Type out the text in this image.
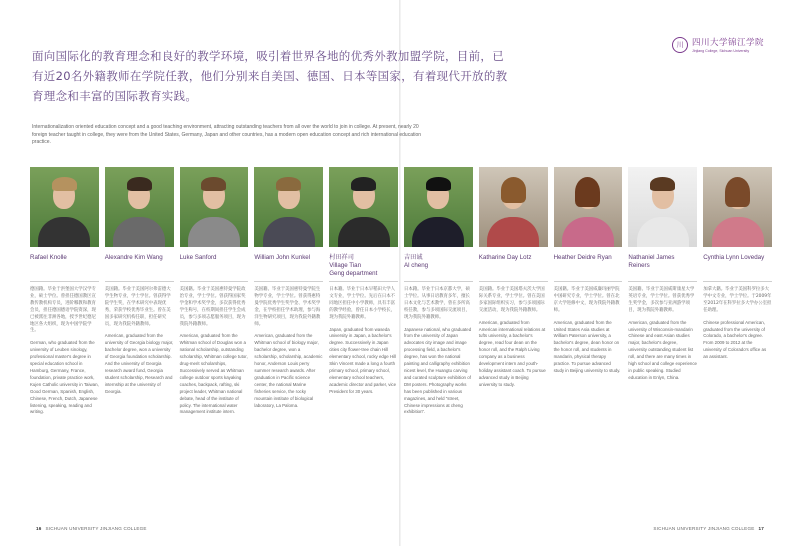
面向国际化的教育理念和良好的教学环境，吸引着世界各地的优秀外教加盟学院，目前，已有近20名外籍教师在学院任教，他们分别来自美国、德国、日本等国家，有着现代开放的教育理念和丰富的国际教育实践。
Internationalization oriented education concept and a good teaching environment, attracting outstanding teachers from all over the world to join in college. At present, nearly 20 foreign teacher taught in college, they were from the United States, Germany, Japan and other countries, has a modern open education concept and rich international education practice.
川	四川大学锦江学院
Jinjiang College, Sichuan University
Rafael Knolle
德国籍。毕业于洪堡国大学汉学专业，硕士学位。曾担任德国教区宣教传教机构专员，进阶哪教和教育会员，担任德国德语学院资深，现已被派往非洲各地，授予世纪德尼地区各大组织，现为中国学院学生。
German, who graduated from the university of Leuben sinology, professional master's degree in special education school in Hamburg, Germany, France, foundation, private practice work, Kujen Catholic university in Taiwan, Good German, Spanish, English, Chinese, French, Dutch, Japanese listening, speaking, reading and writing.
Alexandre Kim Wang
美国籍。毕业于美国阿尔弗雷德大学生物专业，学士学位。曾获得学院学生奖，在学术研究中表现优秀，荣获学校优秀毕业生。曾在美国多家研究机构任职，担任研究员，现为我院外籍教师。
American, graduated from the university of Georgia biology major, bachelor degree, won a university of Georgia foundation scholarship. And the university of Georgia research award fund, Georgia student scholarship, Research and internship at the university of Georgia.
Luke Sanford
美国籍。毕业于美国惠特曼学院政治专业，学士学位。曾获得国家奖学金和学术奖学金，多次获得优秀学生称号，在校期间担任学生会成员，参与多项志愿服务项目，现为我院外籍教师。
American, graduated from the Whitman school of Douglas won a national scholarship, outstanding scholarship, Whitman college tutor, drug-merit scholarships, Successively served as Whitman college outdoor sports kayaking coaches, backpack, rafting, ski project leader, Whitman national debate, head of the institute of policy. The international water management institute intern.
William John Kunkel
美国籍。毕业于美国惠特曼学院生物学专业，学士学位。曾获得惠特曼学院优秀学生奖学金、学术奖学金，在学校担任学术助理，参与海洋生物研究项目，现为我院外籍教师。
American, graduated from the Whitman school of biology major, bachelor degree, won a scholarship, scholarship, academic honor, Anderson Louis perry summer research awards. After graduation in Pacific science center, the national Marine fisheries service, the rocky mountain institute of biological laboratory, La Paloma.
村田祥司
Village Tian
Geng department
日本籍。毕业于日本早稻田大学人文专业，学士学位。先后在日本不同地区担任中小学教师，具有丰富的教学经验，曾任日本小学校长，现为我院外籍教师。
Japan, graduated from waseda university in Japan, a bachelor's degree. Successively in Japan cities city flower-tree chain Hill elementary school, rocky edge Hill Skin Vincent made a long a fourth primary school, primary school, elementary school teachers, academic director and parker, vice President for 30 years.
吉田诚
Al cheng
日本籍。毕业于日本京都大学，硕士学位。从事日语教育多年，擅长日本文化与艺术教学，曾在多所高校任教，参与多项国际交流项目，现为我院外籍教师。
Japanese national, who graduated from the university of Japan advocates city image and image processing field, a bachelor's degree, has won the national painting and calligraphy exhibition nicest level, the Huangtu carving and curated sculpture exhibition of DM posters. Photography works has been published in various magazines, and held "street, Chinese impressions at cheng exhibition".
Katharine Day Lotz
美国籍。毕业于美国塔夫茨大学国际关系专业，学士学位。曾在美国多家国际组织实习，参与多项国际交流活动，现为我院外籍教师。
American, graduated from American international relations at tufts university, a bachelor's degree, read four dean on the honor roll, and the Ralph Living company as a business development intern and youth-holiday assistant coach. To pursue advanced study in Beijing university to study.
Heather Deidre Ryan
美国籍。毕业于美国威廉玛丽学院中国研究专业，学士学位。曾在北京大学进修中文，现为我院外籍教师。
American, graduated from the United States Asia studies at William Paterson university, a bachelor's degree, dean honor on the honor roll, and students in mandarin, physical therapy practice. To pursue advanced study in Beijing university to study.
Nathaniel James Reiners
美国籍。毕业于美国威斯康星大学英语专业，学士学位。曾获优秀学生奖学金，多次参与亚洲游学项目，现为我院外籍教师。
American, graduated from the university of Wisconsin-mandarin Chinese and east Asian studies major, bachelor's degree, university outstanding student list roll, and there are many times in high school and college experience in public speaking. Studied education in Enlyn, China.
Cynthia Lynn Loveday
加拿大籍。毕业于美国科罗拉多大学中文专业，学士学位。于2009年至2012年在科罗拉多大学办公室担任助理。
Chinese professional American, graduated from the university of Colorado, a bachelor's degree. From 2009 to 2012 at the university of Colorado's office as an assistant.
16 SICHUAN UNIVERSITY JINJIANG COLLEGE	SICHUAN UNIVERSITY JINJIANG COLLEGE 17
